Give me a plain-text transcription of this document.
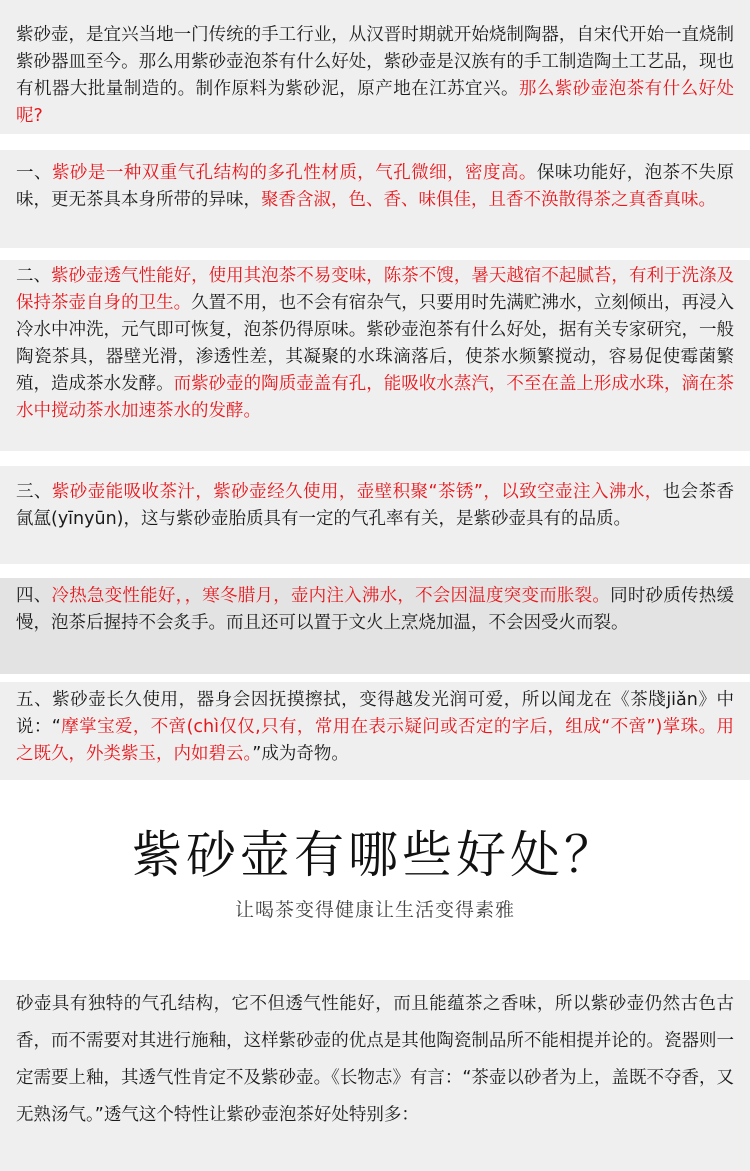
紫砂壶，是宜兴当地一门传统的手工行业，从汉晋时期就开始烧制陶器，自宋代开始一直烧制紫砂器皿至今。那么用紫砂壶泡茶有什么好处，紫砂壶是汉族有的手工制造陶土工艺品，现也有机器大批量制造的。制作原料为紫砂泥，原产地在江苏宜兴。那么紫砂壶泡茶有什么好处呢?

一、紫砂是一种双重气孔结构的多孔性材质，气孔微细，密度高。保味功能好，泡茶不失原味，更无茶具本身所带的异味，聚香含淑，色、香、味俱佳，且香不涣散得茶之真香真味。

二、紫砂壶透气性能好，使用其泡茶不易变味，陈茶不馊，暑天越宿不起腻苔，有利于洗涤及保持茶壶自身的卫生。久置不用，也不会有宿杂气，只要用时先满贮沸水，立刻倾出，再浸入冷水中冲洗，元气即可恢复，泡茶仍得原味。紫砂壶泡茶有什么好处，据有关专家研究，一般陶瓷茶具，器壁光滑，渗透性差，其凝聚的水珠滴落后，使茶水频繁搅动，容易促使霉菌繁殖，造成茶水发酵。而紫砂壶的陶质壶盖有孔，能吸收水蒸汽，不至在盖上形成水珠，滴在茶水中搅动茶水加速茶水的发酵。

三、紫砂壶能吸收茶汁，紫砂壶经久使用，壶壁积聚“茶锈”，以致空壶注入沸水，也会茶香氤氲(yīnyūn)，这与紫砂壶胎质具有一定的气孔率有关，是紫砂壶具有的品质。

四、冷热急变性能好，，寒冬腊月，壶内注入沸水，不会因温度突变而胀裂。同时砂质传热缓慢，泡茶后握持不会炙手。而且还可以置于文火上烹烧加温，不会因受火而裂。

五、紫砂壶长久使用，器身会因抚摸擦拭，变得越发光润可爱，所以闻龙在《茶牋jiǎn》中说：“摩掌宝爱，不啻(chì仅仅,只有，常用在表示疑问或否定的字后，组成“不啻”)掌珠。用之既久，外类紫玉，内如碧云。”成为奇物。

紫砂壶有哪些好处？
让喝茶变得健康让生活变得素雅

砂壶具有独特的气孔结构，它不但透气性能好，而且能蕴茶之香味，所以紫砂壶仍然古色古香，而不需要对其进行施釉，这样紫砂壶的优点是其他陶瓷制品所不能相提并论的。瓷器则一定需要上釉，其透气性肯定不及紫砂壶。《长物志》有言：“茶壶以砂者为上，盖既不夺香，又无熟汤气。”透气这个特性让紫砂壶泡茶好处特别多：
